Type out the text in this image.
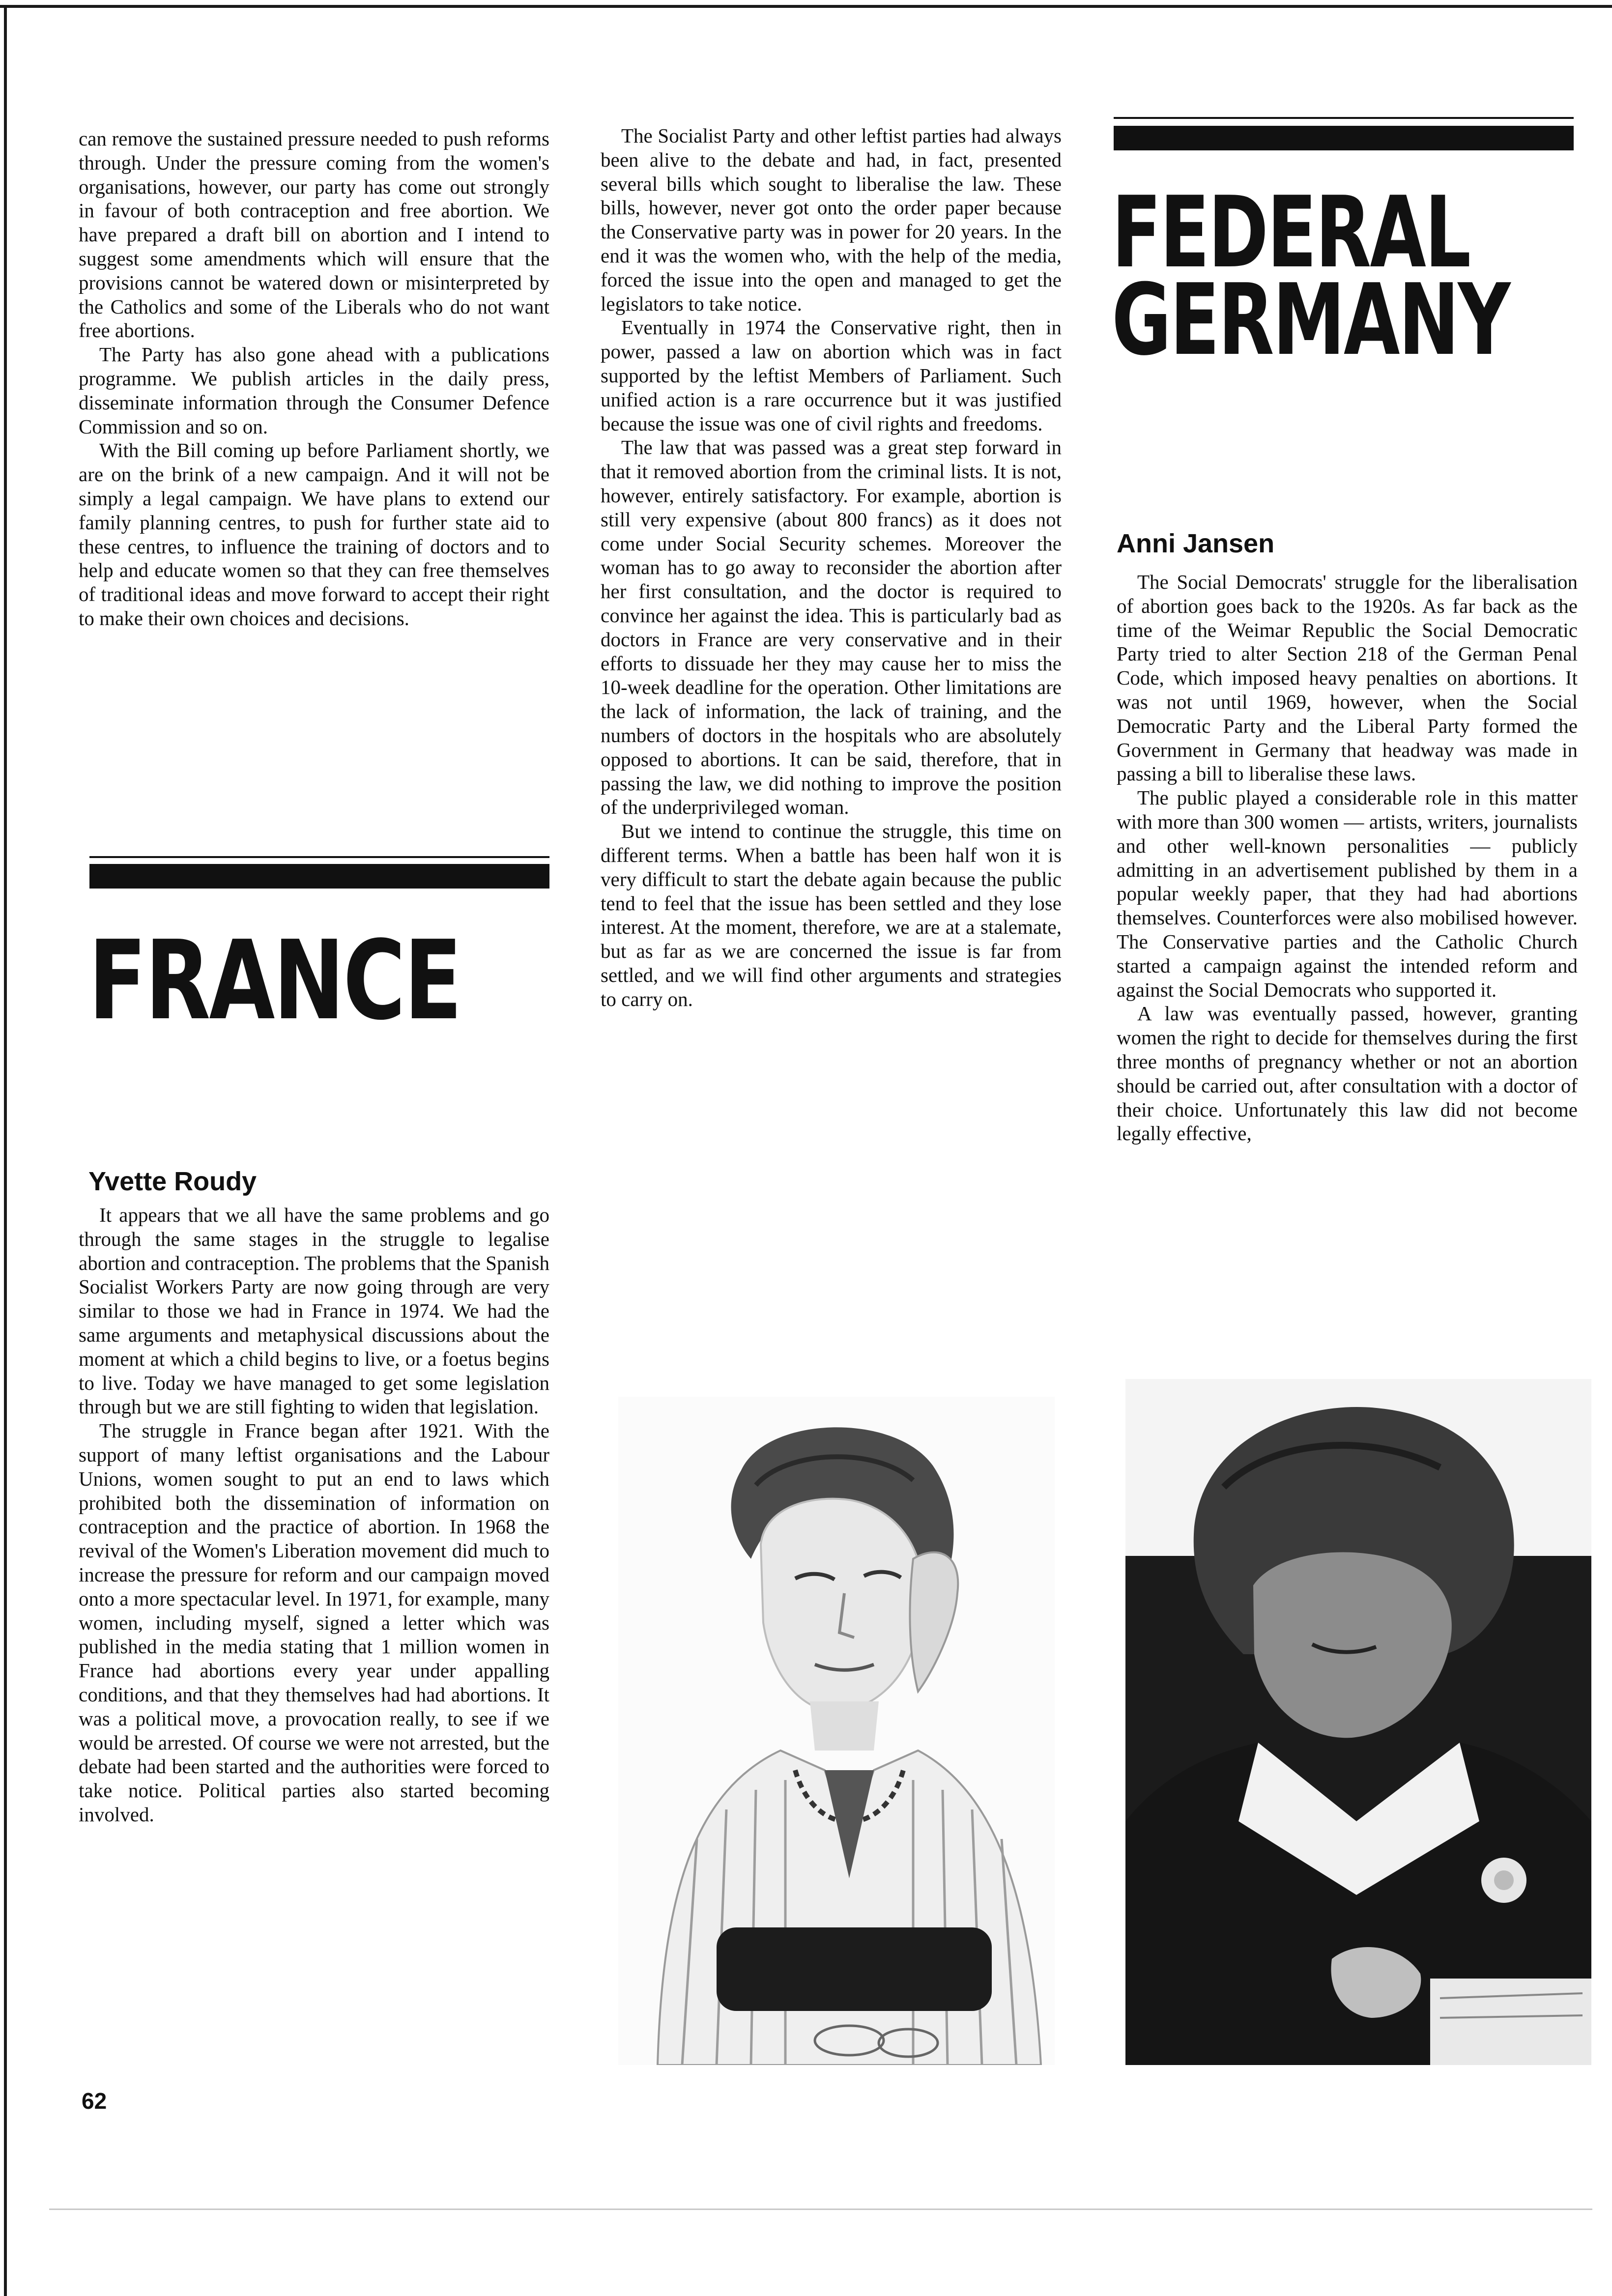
can remove the sustained pressure needed to push reforms through. Under the pressure coming from the women's organisations, however, our party has come out strongly in favour of both contraception and free abortion. We have prepared a draft bill on abortion and I intend to suggest some amendments which will ensure that the provisions cannot be watered down or misinterpreted by the Catholics and some of the Liberals who do not want free abortions.

The Party has also gone ahead with a publications programme. We publish articles in the daily press, disseminate information through the Consumer Defence Commission and so on.

With the Bill coming up before Parliament shortly, we are on the brink of a new campaign. And it will not be simply a legal campaign. We have plans to extend our family planning centres, to push for further state aid to these centres, to influence the training of doctors and to help and educate women so that they can free themselves of traditional ideas and move forward to accept their right to make their own choices and decisions.

FRANCE
Yvette Roudy

It appears that we all have the same problems and go through the same stages in the struggle to legalise abortion and contraception. The problems that the Spanish Socialist Workers Party are now going through are very similar to those we had in France in 1974. We had the same arguments and metaphysical discussions about the moment at which a child begins to live, or a foetus begins to live. Today we have managed to get some legislation through but we are still fighting to widen that legislation.

The struggle in France began after 1921. With the support of many leftist organisations and the Labour Unions, women sought to put an end to laws which prohibited both the dissemination of information on contraception and the practice of abortion. In 1968 the revival of the Women's Liberation movement did much to increase the pressure for reform and our campaign moved onto a more spectacular level. In 1971, for example, many women, including myself, signed a letter which was published in the media stating that 1 million women in France had abortions every year under appalling conditions, and that they themselves had had abortions. It was a political move, a provocation really, to see if we would be arrested. Of course we were not arrested, but the debate had been started and the authorities were forced to take notice. Political parties also started becoming involved.

The Socialist Party and other leftist parties had always been alive to the debate and had, in fact, presented several bills which sought to liberalise the law. These bills, however, never got onto the order paper because the Conservative party was in power for 20 years. In the end it was the women who, with the help of the media, forced the issue into the open and managed to get the legislators to take notice.

Eventually in 1974 the Conservative right, then in power, passed a law on abortion which was in fact supported by the leftist Members of Parliament. Such unified action is a rare occurrence but it was justified because the issue was one of civil rights and freedoms.

The law that was passed was a great step forward in that it removed abortion from the criminal lists. It is not, however, entirely satisfactory. For example, abortion is still very expensive (about 800 francs) as it does not come under Social Security schemes. Moreover the woman has to go away to reconsider the abortion after her first consultation, and the doctor is required to convince her against the idea. This is particularly bad as doctors in France are very conservative and in their efforts to dissuade her they may cause her to miss the 10-week deadline for the operation. Other limitations are the lack of information, the lack of training, and the numbers of doctors in the hospitals who are absolutely opposed to abortions. It can be said, therefore, that in passing the law, we did nothing to improve the position of the underprivileged woman.

But we intend to continue the struggle, this time on different terms. When a battle has been half won it is very difficult to start the debate again because the public tend to feel that the issue has been settled and they lose interest. At the moment, therefore, we are at a stalemate, but as far as we are concerned the issue is far from settled, and we will find other arguments and strategies to carry on.

FEDERAL
GERMANY
Anni Jansen

The Social Democrats' struggle for the liberalisation of abortion goes back to the 1920s. As far back as the time of the Weimar Republic the Social Democratic Party tried to alter Section 218 of the German Penal Code, which imposed heavy penalties on abortions. It was not until 1969, however, when the Social Democratic Party and the Liberal Party formed the Government in Germany that headway was made in passing a bill to liberalise these laws.

The public played a considerable role in this matter with more than 300 women — artists, writers, journalists and other well-known personalities — publicly admitting in an advertisement published by them in a popular weekly paper, that they had had abortions themselves. Counterforces were also mobilised however. The Conservative parties and the Catholic Church started a campaign against the intended reform and against the Social Democrats who supported it.

A law was eventually passed, however, granting women the right to decide for themselves during the first three months of pregnancy whether or not an abortion should be carried out, after consultation with a doctor of their choice. Unfortunately this law did not become legally effective,

62
